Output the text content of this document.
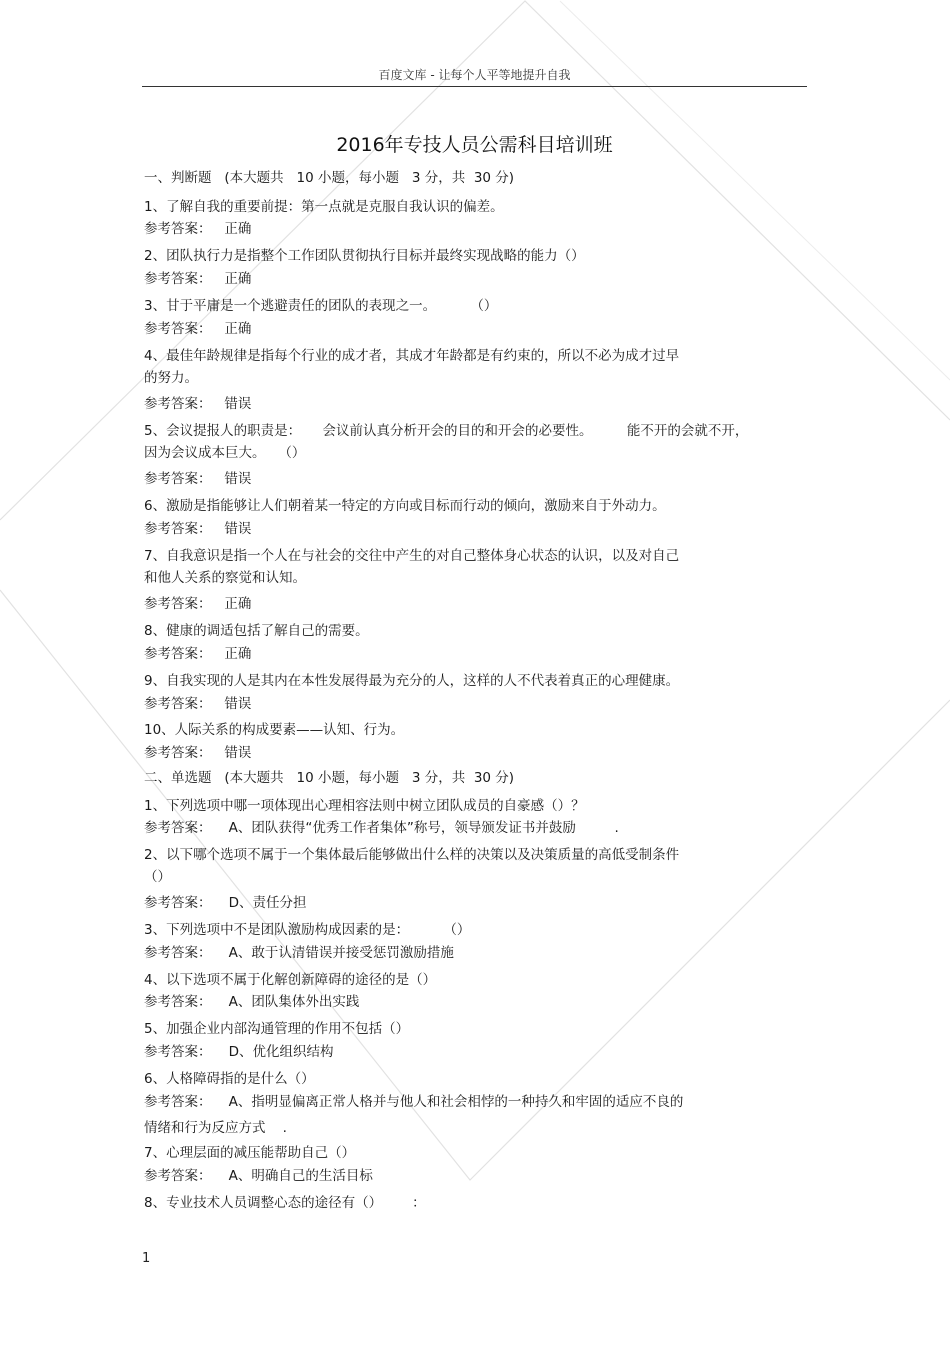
百度文库 - 让每个人平等地提升自我
2016年专技人员公需科目培训班
一、判断题   (本大题共   10 小题，每小题   3 分，共  30 分)
1、了解自我的重要前提：第一点就是克服自我认识的偏差。
参考答案：   正确
2、团队执行力是指整个工作团队贯彻执行目标并最终实现战略的能力（）
参考答案：   正确
3、甘于平庸是一个逃避责任的团队的表现之一。        （）
参考答案：   正确
4、最佳年龄规律是指每个行业的成才者，其成才年龄都是有约束的，所以不必为成才过早
的努力。
参考答案：   错误
5、会议提报人的职责是：     会议前认真分析开会的目的和开会的必要性。        能不开的会就不开，
因为会议成本巨大。   （）
参考答案：   错误
6、激励是指能够让人们朝着某一特定的方向或目标而行动的倾向，激励来自于外动力。
参考答案：   错误
7、自我意识是指一个人在与社会的交往中产生的对自己整体身心状态的认识，以及对自己
和他人关系的察觉和认知。
参考答案：   正确
8、健康的调适包括了解自己的需要。
参考答案：   正确
9、自我实现的人是其内在本性发展得最为充分的人，这样的人不代表着真正的心理健康。
参考答案：   错误
10、人际关系的构成要素——认知、行为。
参考答案：   错误
二、单选题   (本大题共   10 小题，每小题   3 分，共  30 分)
1、下列选项中哪一项体现出心理相容法则中树立团队成员的自豪感（）？
参考答案：    A、团队获得“优秀工作者集体”称号，领导颁发证书并鼓励         .
2、以下哪个选项不属于一个集体最后能够做出什么样的决策以及决策质量的高低受制条件
（）
参考答案：    D、责任分担
3、下列选项中不是团队激励构成因素的是：        （）
参考答案：    A、敢于认清错误并接受惩罚激励措施
4、以下选项不属于化解创新障碍的途径的是（）
参考答案：    A、团队集体外出实践
5、加强企业内部沟通管理的作用不包括（）
参考答案：    D、优化组织结构
6、人格障碍指的是什么（）
参考答案：    A、指明显偏离正常人格并与他人和社会相悖的一种持久和牢固的适应不良的
情绪和行为反应方式    .
7、心理层面的减压能帮助自己（）
参考答案：    A、明确自己的生活目标
8、专业技术人员调整心态的途径有（）       ：
1
